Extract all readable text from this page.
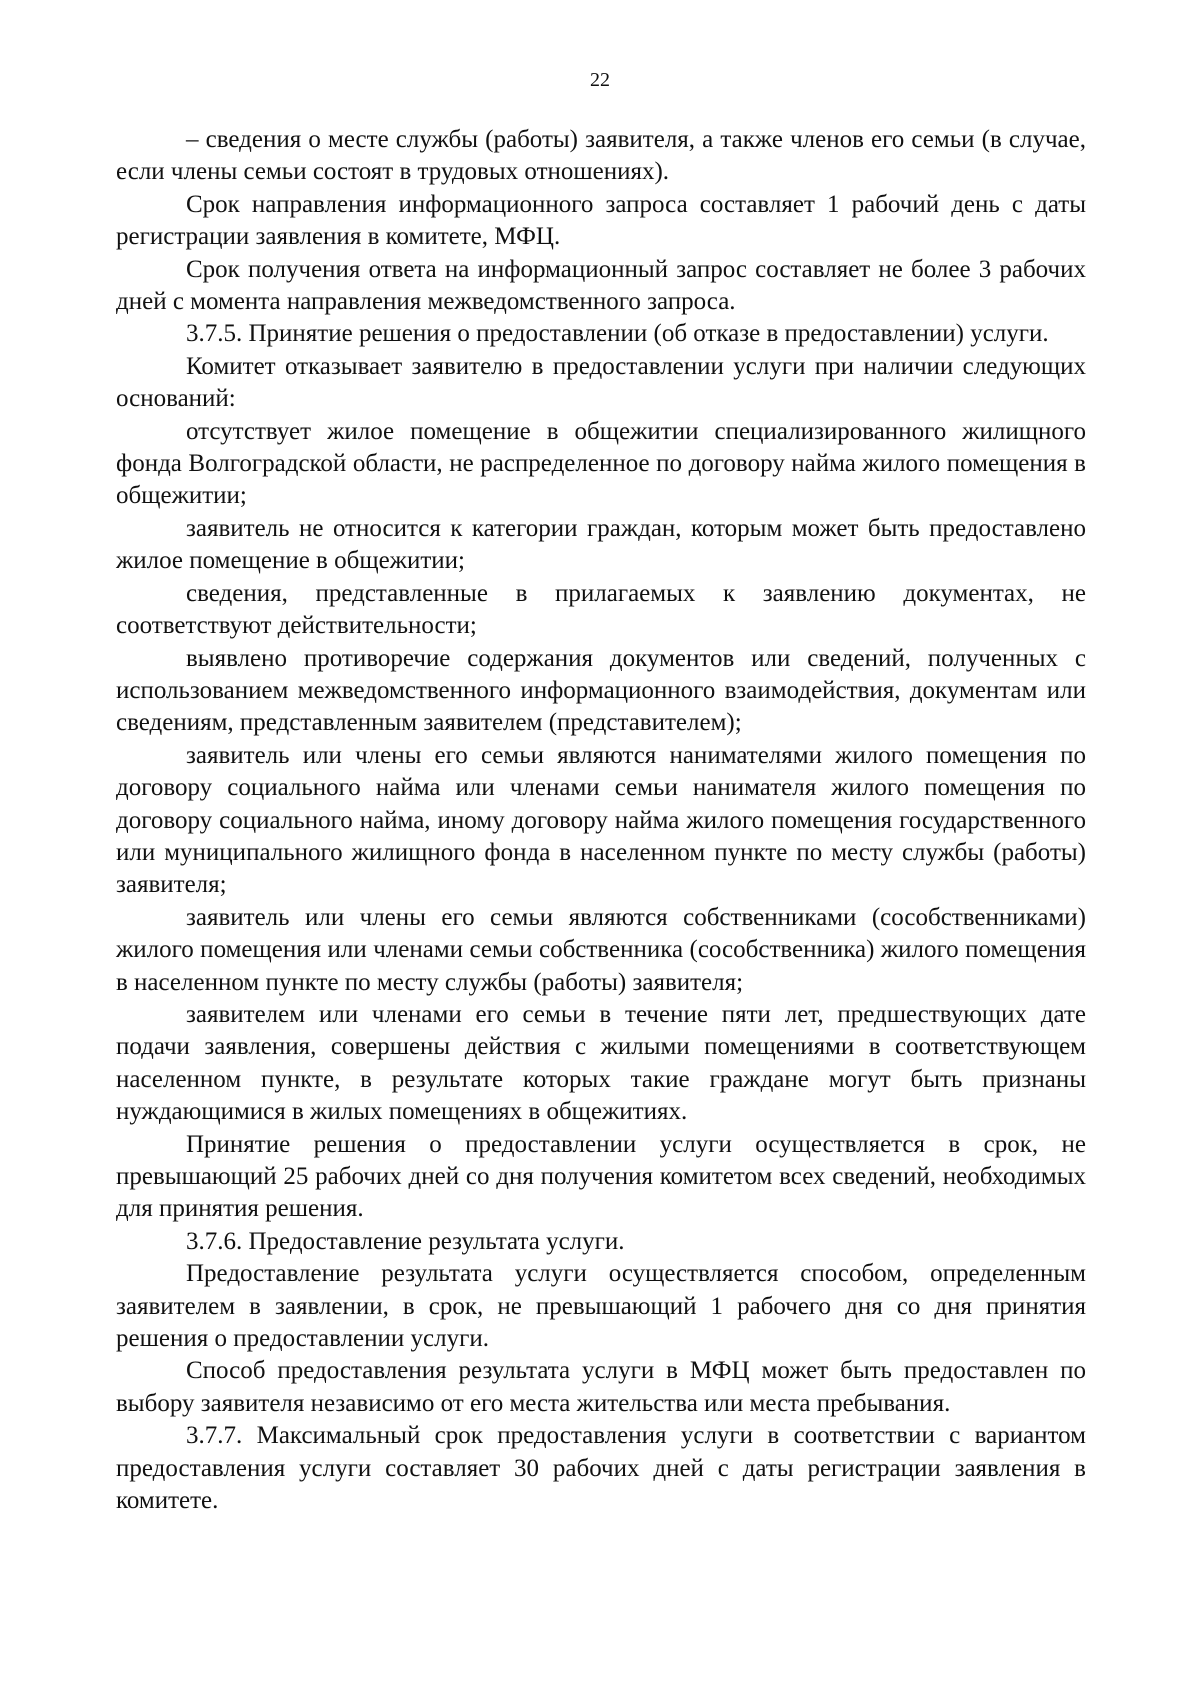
22

– сведения о месте службы (работы) заявителя, а также членов его семьи (в случае, если члены семьи состоят в трудовых отношениях).

Срок направления информационного запроса составляет 1 рабочий день с даты регистрации заявления в комитете, МФЦ.

Срок получения ответа на информационный запрос составляет не более 3 рабочих дней с момента направления межведомственного запроса.

3.7.5. Принятие решения о предоставлении (об отказе в предоставлении) услуги.

Комитет отказывает заявителю в предоставлении услуги при наличии следующих оснований:

отсутствует жилое помещение в общежитии специализированного жилищного фонда Волгоградской области, не распределенное по договору найма жилого помещения в общежитии;

заявитель не относится к категории граждан, которым может быть предоставлено жилое помещение в общежитии;

сведения, представленные в прилагаемых к заявлению документах, не соответствуют действительности;

выявлено противоречие содержания документов или сведений, полученных с использованием межведомственного информационного взаимодействия, документам или сведениям, представленным заявителем (представителем);

заявитель или члены его семьи являются нанимателями жилого помещения по договору социального найма или членами семьи нанимателя жилого помещения по договору социального найма, иному договору найма жилого помещения государственного или муниципального жилищного фонда в населенном пункте по месту службы (работы) заявителя;

заявитель или члены его семьи являются собственниками (сособственниками) жилого помещения или членами семьи собственника (сособственника) жилого помещения в населенном пункте по месту службы (работы) заявителя;

заявителем или членами его семьи в течение пяти лет, предшествующих дате подачи заявления, совершены действия с жилыми помещениями в соответствующем населенном пункте, в результате которых такие граждане могут быть признаны нуждающимися в жилых помещениях в общежитиях.

Принятие решения о предоставлении услуги осуществляется в срок, не превышающий 25 рабочих дней со дня получения комитетом всех сведений, необходимых для принятия решения.

3.7.6. Предоставление результата услуги.

Предоставление результата услуги осуществляется способом, определенным заявителем в заявлении, в срок, не превышающий 1 рабочего дня со дня принятия решения о предоставлении услуги.

Способ предоставления результата услуги в МФЦ может быть предоставлен по выбору заявителя независимо от его места жительства или места пребывания.

3.7.7. Максимальный срок предоставления услуги в соответствии с вариантом предоставления услуги составляет 30 рабочих дней с даты регистрации заявления в комитете.
